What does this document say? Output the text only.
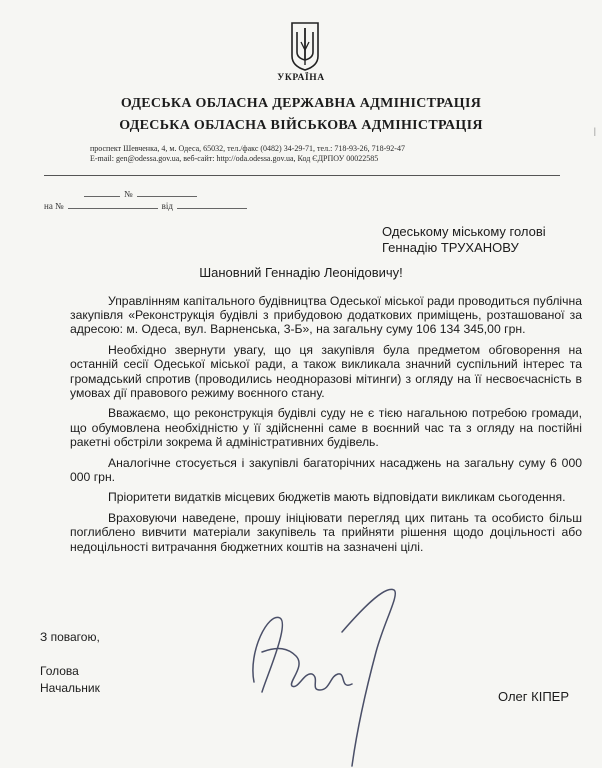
УКРАЇНА
ОДЕСЬКА ОБЛАСНА ДЕРЖАВНА АДМІНІСТРАЦІЯ
ОДЕСЬКА ОБЛАСНА ВІЙСЬКОВА АДМІНІСТРАЦІЯ
проспект Шевченка, 4, м. Одеса, 65032, тел./факс (0482) 34-29-71, тел.: 718-93-26, 718-92-47
E-mail: gen@odessa.gov.ua, веб-сайт: http://oda.odessa.gov.ua, Код ЄДРПОУ 00022585
№
на №	від
Одеському міському голові
Геннадію ТРУХАНОВУ
Шановний Геннадію Леонідовичу!

Управлінням капітального будівництва Одеської міської ради проводиться публічна закупівля «Реконструкція будівлі з прибудовою додаткових приміщень, розташованої за адресою: м. Одеса, вул. Варненська, 3-Б», на загальну суму 106 134 345,00 грн.

Необхідно звернути увагу, що ця закупівля була предметом обговорення на останній сесії Одеської міської ради, а також викликала значний суспільний інтерес та громадський спротив (проводились неодноразові мітинги) з огляду на її несвоєчасність в умовах дії правового режиму воєнного стану.

Вважаємо, що реконструкція будівлі суду не є тією нагальною потребою громади, що обумовлена необхідністю у її здійсненні саме в воєнний час та з огляду на постійні ракетні обстріли зокрема й адміністративних будівель.

Аналогічне стосується і закупівлі багаторічних насаджень на загальну суму 6 000 000 грн.

Пріоритети видатків місцевих бюджетів мають відповідати викликам сьогодення.

Враховуючи наведене, прошу ініціювати перегляд цих питань та особисто більш поглиблено вивчити матеріали закупівель та прийняти рішення щодо доцільності або недоцільності витрачання бюджетних коштів на зазначені цілі.

З повагою,
Голова
Начальник
Олег КІПЕР
|
